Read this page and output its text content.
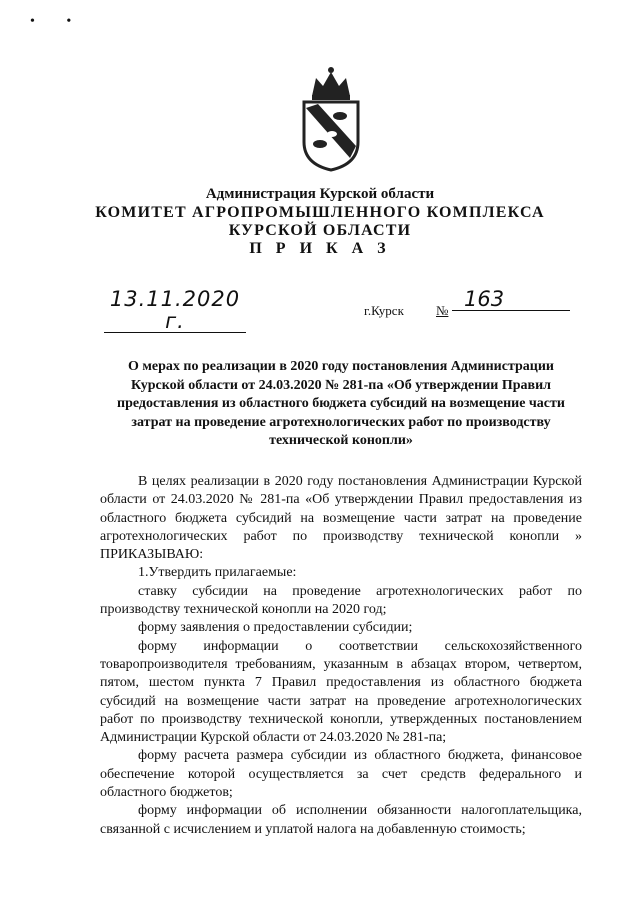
• •
Администрация Курской области
КОМИТЕТ АГРОПРОМЫШЛЕННОГО КОМПЛЕКСА
КУРСКОЙ ОБЛАСТИ
П Р И К А З
13.11.2020 г.	г.Курск № 163
О мерах по реализации в 2020 году постановления Администрации Курской области от 24.03.2020 № 281-па «Об утверждении Правил предоставления из областного бюджета субсидий на возмещение части затрат на проведение агротехнологических работ по производству технической конопли»

В целях реализации в 2020 году постановления Администрации Курской области от 24.03.2020 № 281-па «Об утверждении Правил предоставления из областного бюджета субсидий на возмещение части затрат на проведение агротехнологических работ по производству технической конопли » ПРИКАЗЫВАЮ:

1.Утвердить прилагаемые:

ставку субсидии на проведение агротехнологических работ по производству технической конопли на 2020 год;

форму заявления о предоставлении субсидии;

форму информации о соответствии сельскохозяйственного товаропроизводителя требованиям, указанным в абзацах втором, четвертом, пятом, шестом пункта 7 Правил предоставления из областного бюджета субсидий на возмещение части затрат на проведение агротехнологических работ по производству технической конопли, утвержденных постановлением Администрации Курской области от 24.03.2020 № 281-па;

форму расчета размера субсидии из областного бюджета, финансовое обеспечение которой осуществляется за счет средств федерального и областного бюджетов;

форму информации об исполнении обязанности налогоплательщика, связанной с исчислением и уплатой налога на добавленную стоимость;
